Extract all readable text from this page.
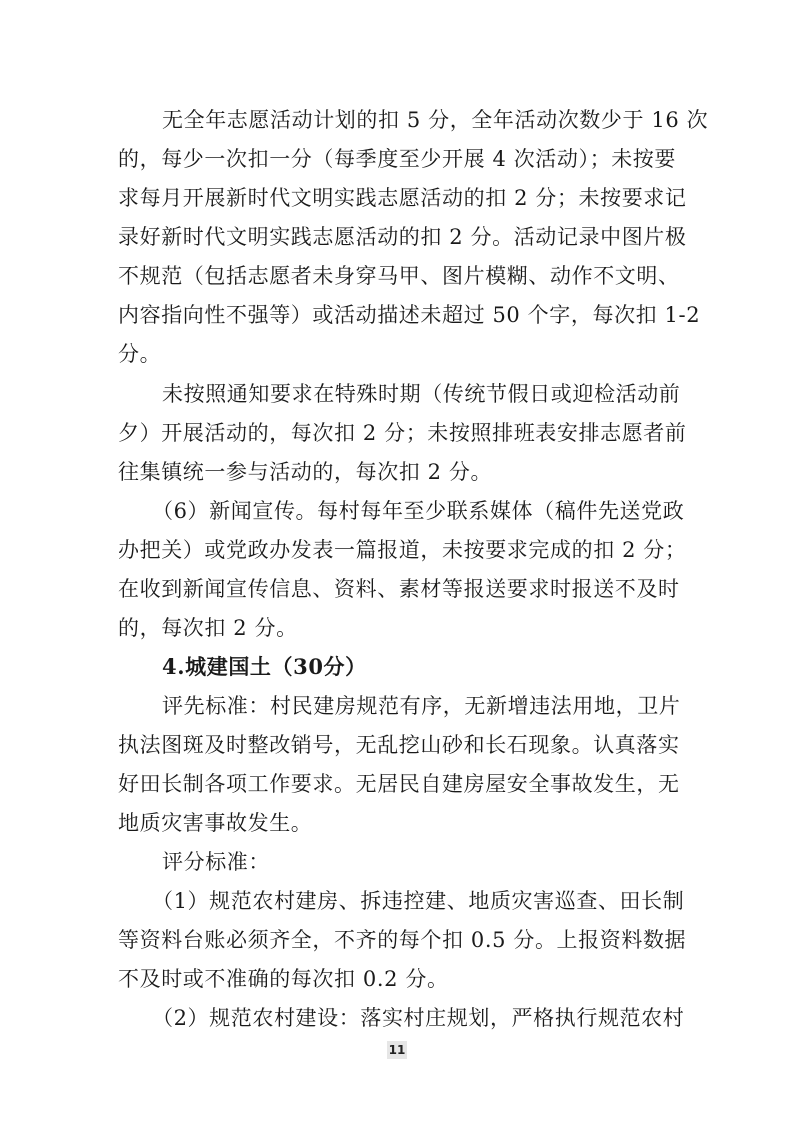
无全年志愿活动计划的扣 5 分，全年活动次数少于 16 次
的，每少一次扣一分（每季度至少开展 4 次活动）；未按要
求每月开展新时代文明实践志愿活动的扣 2 分；未按要求记
录好新时代文明实践志愿活动的扣 2 分。活动记录中图片极
不规范（包括志愿者未身穿马甲、图片模糊、动作不文明、
内容指向性不强等）或活动描述未超过 50 个字，每次扣 1-2
分。
未按照通知要求在特殊时期（传统节假日或迎检活动前
夕）开展活动的，每次扣 2 分；未按照排班表安排志愿者前
往集镇统一参与活动的，每次扣 2 分。
（6）新闻宣传。每村每年至少联系媒体（稿件先送党政
办把关）或党政办发表一篇报道，未按要求完成的扣 2 分；
在收到新闻宣传信息、资料、素材等报送要求时报送不及时
的，每次扣 2 分。
4.城建国土（30分）
评先标准：村民建房规范有序，无新增违法用地，卫片
执法图斑及时整改销号，无乱挖山砂和长石现象。认真落实
好田长制各项工作要求。无居民自建房屋安全事故发生，无
地质灾害事故发生。
评分标准：
（1）规范农村建房、拆违控建、地质灾害巡查、田长制
等资料台账必须齐全，不齐的每个扣 0.5 分。上报资料数据
不及时或不准确的每次扣 0.2 分。
（2）规范农村建设：落实村庄规划，严格执行规范农村
11
